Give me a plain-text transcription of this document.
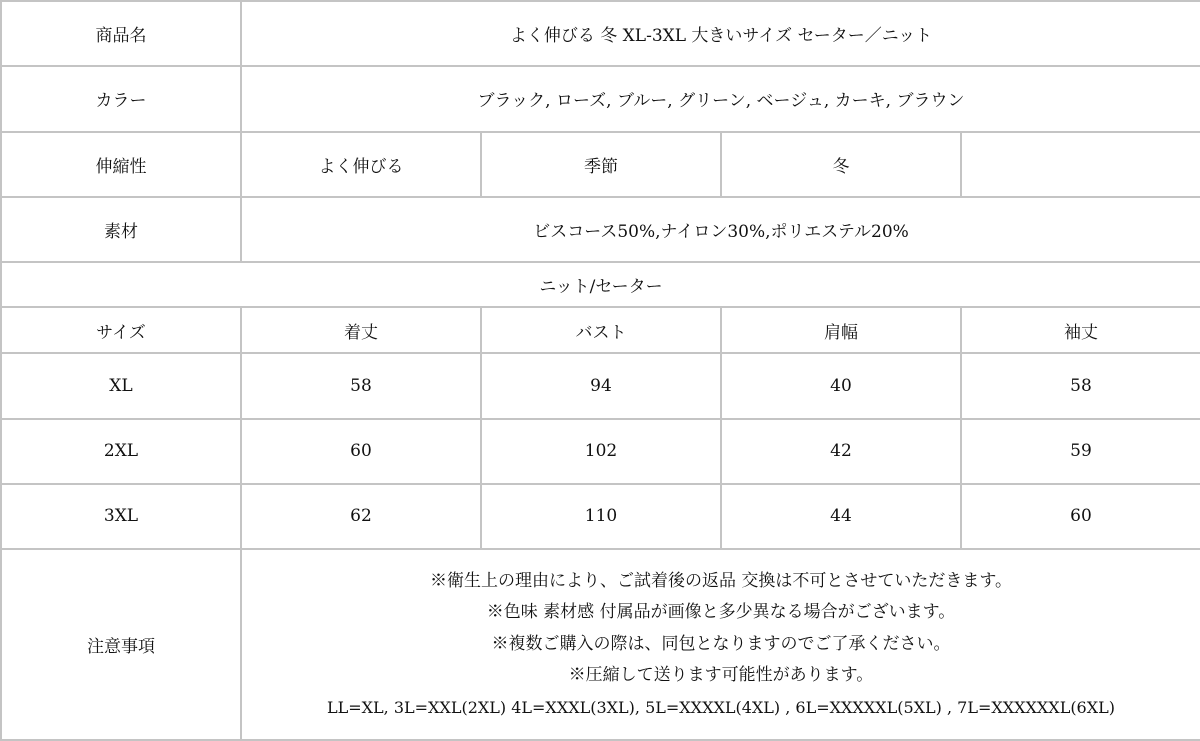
商品名	よく伸びる 冬 XL-3XL 大きいサイズ セーター／ニット			
カラー	ブラック, ローズ, ブルー, グリーン, ベージュ, カーキ, ブラウン			
伸縮性	よく伸びる	季節	冬	
素材	ビスコース50%,ナイロン30%,ポリエステル20%			
ニット/セーター				
サイズ	着丈	バスト	肩幅	袖丈
XL	58	94	40	58
2XL	60	102	42	59
3XL	62	110	44	60
注意事項	※衛生上の理由により、ご試着後の返品 交換は不可とさせていただきます。
※色味 素材感 付属品が画像と多少異なる場合がございます。
※複数ご購入の際は、同包となりますのでご了承ください。
※圧縮して送ります可能性があります。
LL=XL, 3L=XXL(2XL) 4L=XXXL(3XL), 5L=XXXXL(4XL) , 6L=XXXXXL(5XL) , 7L=XXXXXXL(6XL)			
